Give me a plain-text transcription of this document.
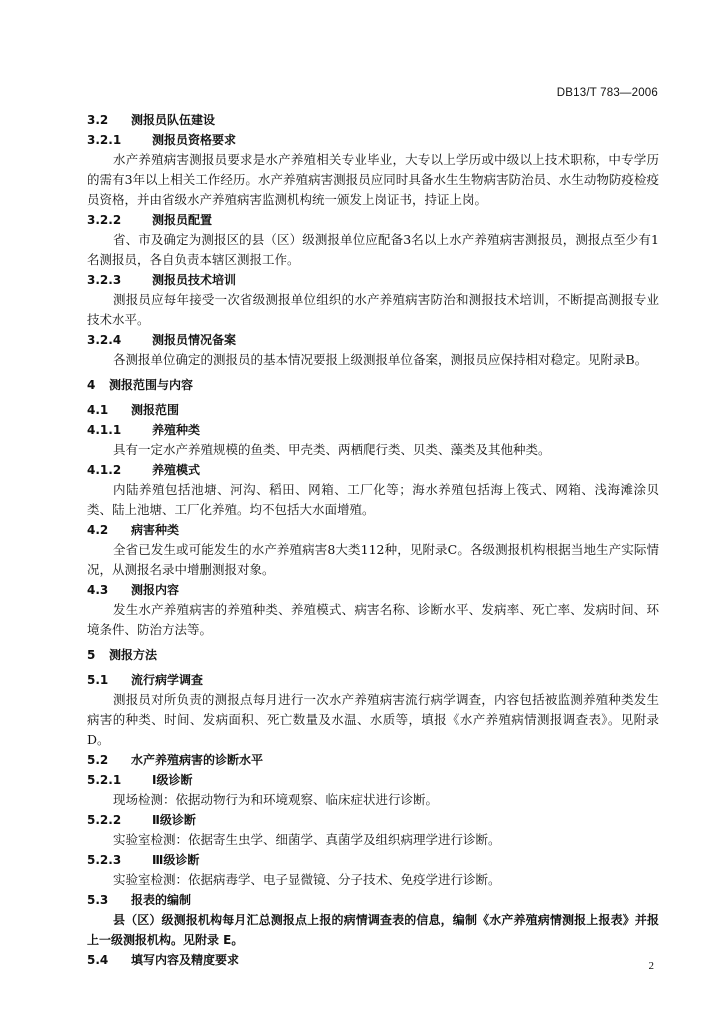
DB13/T 783—2006
3.2 测报员队伍建设
3.2.1	测报员资格要求
水产养殖病害测报员要求是水产养殖相关专业毕业，大专以上学历或中级以上技术职称，中专学历的需有3年以上相关工作经历。水产养殖病害测报员应同时具备水生生物病害防治员、水生动物防疫检疫员资格，并由省级水产养殖病害监测机构统一颁发上岗证书，持证上岗。
3.2.2	测报员配置
省、市及确定为测报区的县（区）级测报单位应配备3名以上水产养殖病害测报员，测报点至少有1名测报员，各自负责本辖区测报工作。
3.2.3	测报员技术培训
测报员应每年接受一次省级测报单位组织的水产养殖病害防治和测报技术培训，不断提高测报专业技术水平。
3.2.4	测报员情况备案
各测报单位确定的测报员的基本情况要报上级测报单位备案，测报员应保持相对稳定。见附录B。
4 测报范围与内容
4.1 测报范围
4.1.1	养殖种类
具有一定水产养殖规模的鱼类、甲壳类、两栖爬行类、贝类、藻类及其他种类。
4.1.2	养殖模式
内陆养殖包括池塘、河沟、稻田、网箱、工厂化等；海水养殖包括海上筏式、网箱、浅海滩涂贝类、陆上池塘、工厂化养殖。均不包括大水面增殖。
4.2 病害种类
全省已发生或可能发生的水产养殖病害8大类112种，见附录C。各级测报机构根据当地生产实际情况，从测报名录中增删测报对象。
4.3 测报内容
发生水产养殖病害的养殖种类、养殖模式、病害名称、诊断水平、发病率、死亡率、发病时间、环境条件、防治方法等。
5 测报方法
5.1 流行病学调查
测报员对所负责的测报点每月进行一次水产养殖病害流行病学调查，内容包括被监测养殖种类发生病害的种类、时间、发病面积、死亡数量及水温、水质等，填报《水产养殖病情测报调查表》。见附录D。
5.2 水产养殖病害的诊断水平
5.2.1	Ⅰ级诊断
现场检测：依据动物行为和环境观察、临床症状进行诊断。
5.2.2	Ⅱ级诊断
实验室检测：依据寄生虫学、细菌学、真菌学及组织病理学进行诊断。
5.2.3	Ⅲ级诊断
实验室检测：依据病毒学、电子显微镜、分子技术、免疫学进行诊断。
5.3 报表的编制
县（区）级测报机构每月汇总测报点上报的病情调查表的信息，编制《水产养殖病情测报上报表》并报上一级测报机构。见附录 E。
5.4 填写内容及精度要求	2
